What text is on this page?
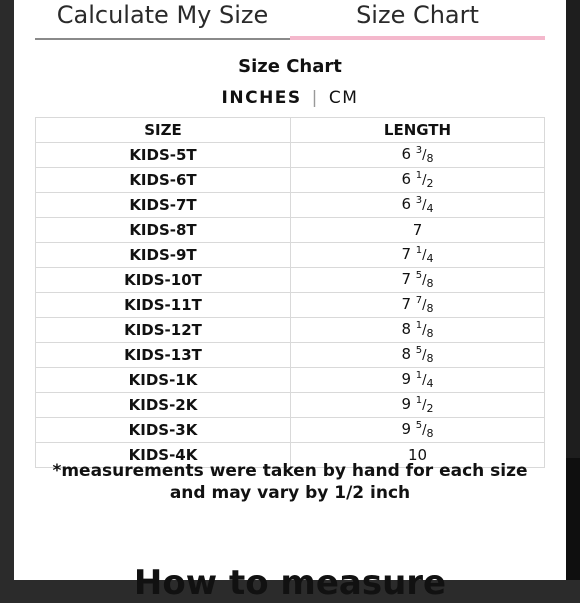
Calculate My Size	Size Chart
Size Chart
INCHES | CM
SIZE	LENGTH
KIDS-5T	6 $^3/_8$
KIDS-6T	6 $^1/_2$
KIDS-7T	6 $^3/_4$
KIDS-8T	7
KIDS-9T	7 $^1/_4$
KIDS-10T	7 $^5/_8$
KIDS-11T	7 $^7/_8$
KIDS-12T	8 $^1/_8$
KIDS-13T	8 $^5/_8$
KIDS-1K	9 $^1/_4$
KIDS-2K	9 $^1/_2$
KIDS-3K	9 $^5/_8$
KIDS-4K	10
*measurements were taken by hand for each size
and may vary by 1/2 inch
How to measure
